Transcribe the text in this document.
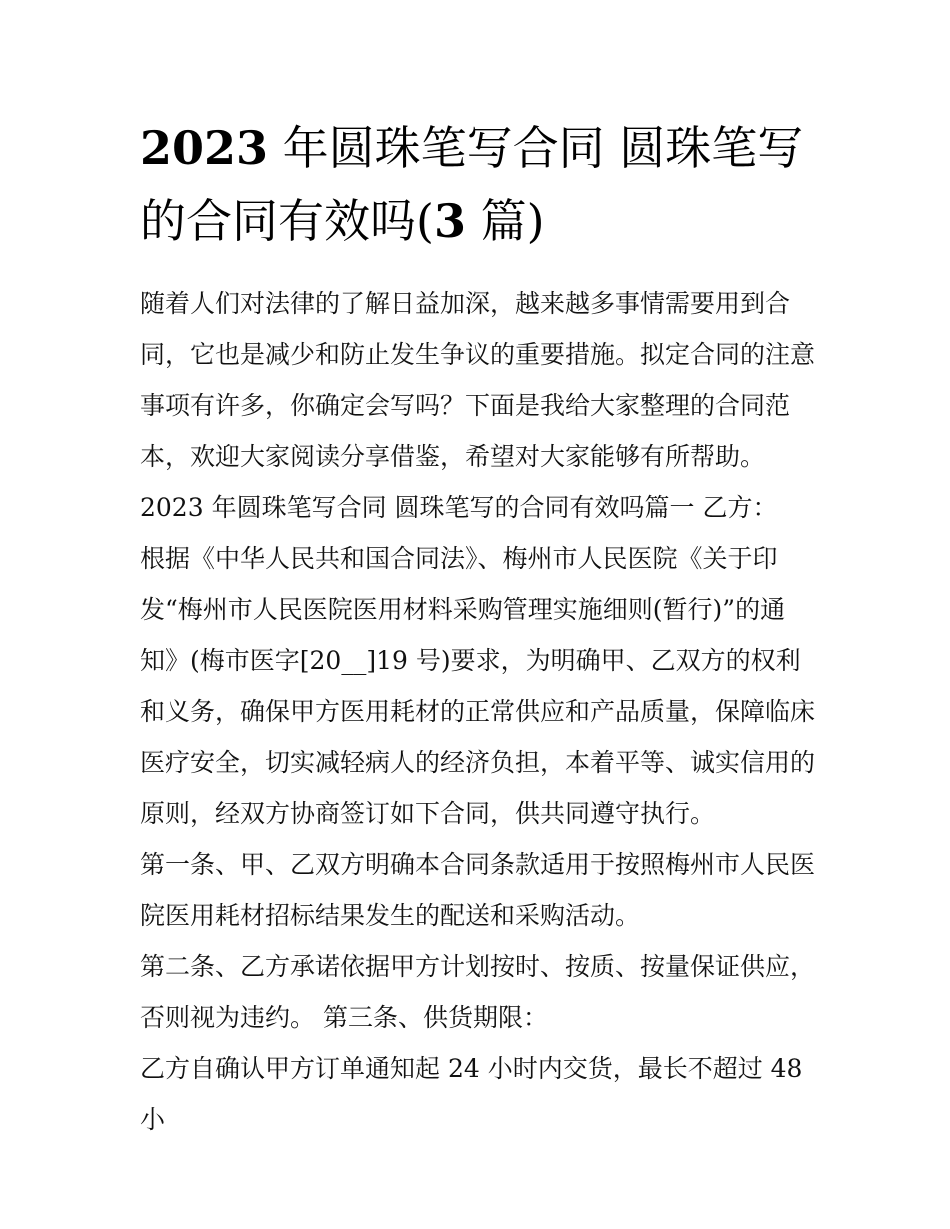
2023 年圆珠笔写合同 圆珠笔写的合同有效吗(3 篇)

随着人们对法律的了解日益加深，越来越多事情需要用到合同，它也是减少和防止发生争议的重要措施。拟定合同的注意事项有许多，你确定会写吗？下面是我给大家整理的合同范本，欢迎大家阅读分享借鉴，希望对大家能够有所帮助。

2023 年圆珠笔写合同 圆珠笔写的合同有效吗篇一 乙方：

根据《中华人民共和国合同法》、梅州市人民医院《关于印发“梅州市人民医院医用材料采购管理实施细则(暂行)”的通知》(梅市医字[20__]19 号)要求，为明确甲、乙双方的权利和义务，确保甲方医用耗材的正常供应和产品质量，保障临床医疗安全，切实减轻病人的经济负担，本着平等、诚实信用的原则，经双方协商签订如下合同，供共同遵守执行。

第一条、甲、乙双方明确本合同条款适用于按照梅州市人民医院医用耗材招标结果发生的配送和采购活动。

第二条、乙方承诺依据甲方计划按时、按质、按量保证供应，否则视为违约。 第三条、供货期限：

乙方自确认甲方订单通知起 24 小时内交货，最长不超过 48 小
